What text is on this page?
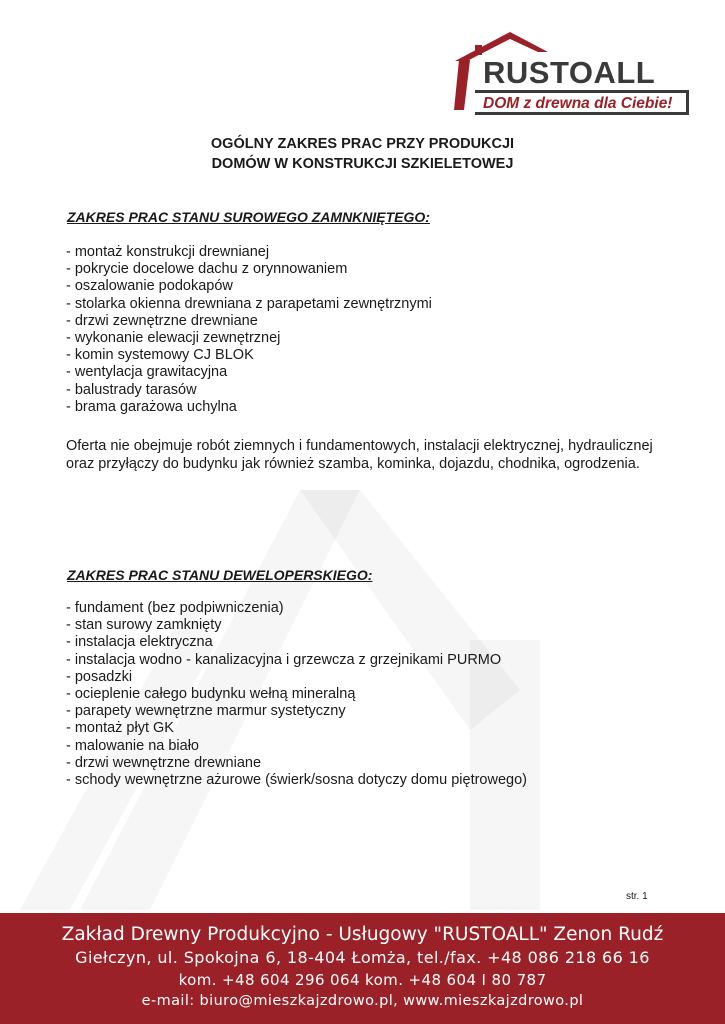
RUSTOALL
DOM z drewna dla Ciebie!
OGÓLNY ZAKRES PRAC PRZY PRODUKCJI
DOMÓW W KONSTRUKCJI SZKIELETOWEJ
ZAKRES PRAC STANU SUROWEGO ZAMNKNIĘTEGO:
- montaż konstrukcji drewnianej
- pokrycie docelowe dachu z orynnowaniem
- oszalowanie podokapów
- stolarka okienna drewniana z parapetami zewnętrznymi
- drzwi zewnętrzne drewniane
- wykonanie elewacji zewnętrznej
- komin systemowy CJ BLOK
- wentylacja grawitacyjna
- balustrady tarasów
- brama garażowa uchylna

Oferta nie obejmuje robót ziemnych i fundamentowych, instalacji elektrycznej, hydraulicznej oraz przyłączy do budynku jak również szamba, kominka, dojazdu, chodnika, ogrodzenia.

ZAKRES PRAC STANU DEWELOPERSKIEGO:
- fundament (bez podpiwniczenia)
- stan surowy zamknięty
- instalacja elektryczna
- instalacja wodno - kanalizacyjna i grzewcza z grzejnikami PURMO
- posadzki
- ocieplenie całego budynku wełną mineralną
- parapety wewnętrzne marmur systetyczny
- montaż płyt GK
- malowanie na biało
- drzwi wewnętrzne drewniane
- schody wewnętrzne ażurowe (świerk/sosna dotyczy domu piętrowego)
str. 1
Zakład Drewny Produkcyjno - Usługowy "RUSTOALL" Zenon Rudź
Giełczyn, ul. Spokojna 6, 18-404 Łomża, tel./fax. +48 086 218 66 16
kom. +48 604 296 064 kom. +48 604 I 80 787
e-mail: biuro@mieszkajzdrowo.pl, www.mieszkajzdrowo.pl
